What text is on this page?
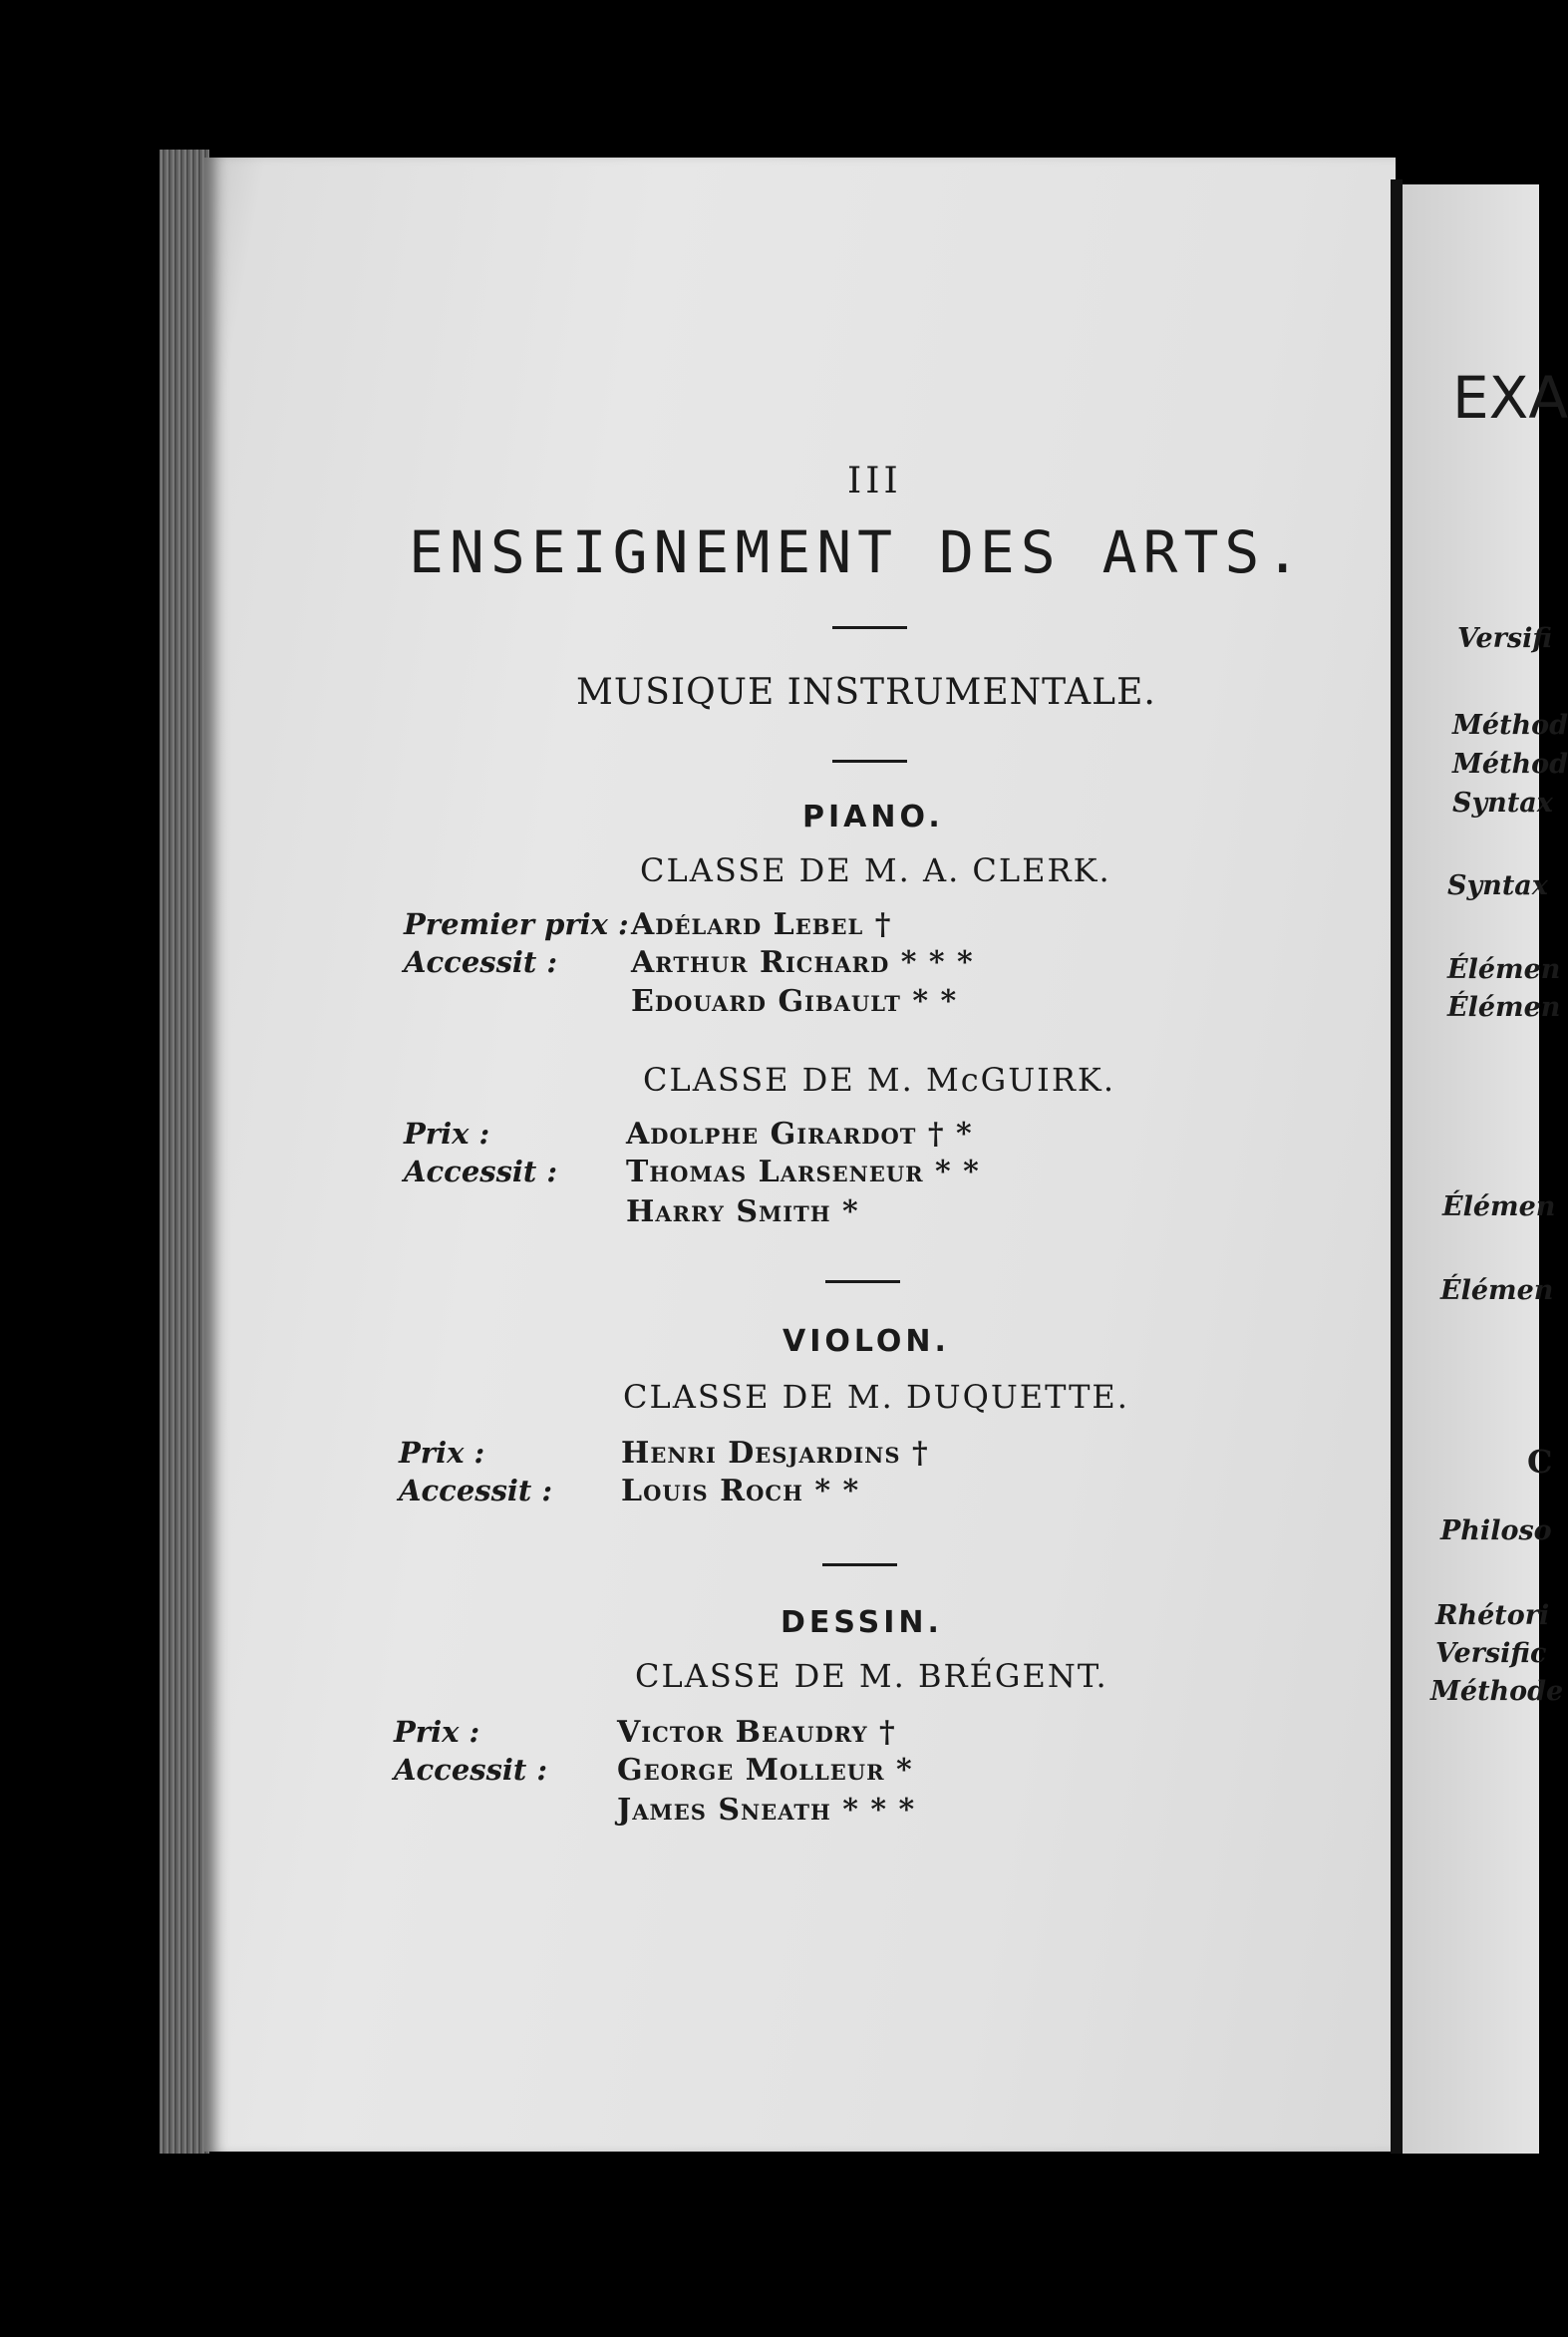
III
ENSEIGNEMENT DES ARTS.
MUSIQUE INSTRUMENTALE.
PIANO.
CLASSE DE M. A. CLERK.
Premier prix : Adélard Lebel †
Accessit : Arthur Richard * * *
Edouard Gibault * *
CLASSE DE M. McGUIRK.
Prix :	Adolphe Girardot † *
Accessit : Thomas Larseneur * *
Harry Smith *
VIOLON.
CLASSE DE M. DUQUETTE.
Prix :	Henri Desjardins †
Accessit : Louis Roch * *
DESSIN.
CLASSE DE M. BRÉGENT.
Prix :	Victor Beaudry †
Accessit : George Molleur *
James Sneath * * *
EXA
Versifi
Méthod
Méthod
Syntax
Syntax
Élémen
Élémen
Élémen
Élémen
C
Philoso
Rhétori
Versific
Méthode
